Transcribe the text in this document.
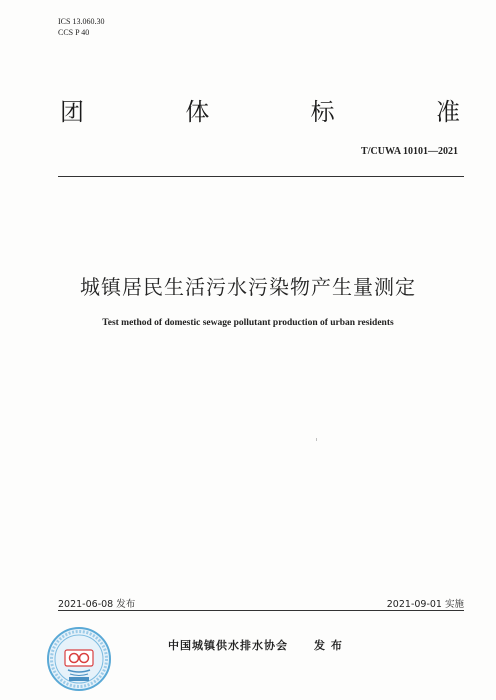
ICS 13.060.30
CCS P 40
团	体	标	准
T/CUWA 10101—2021
城镇居民生活污水污染物产生量测定
Test method of domestic sewage pollutant production of urban residents
2021-06-08 发布	2021-09-01 实施
中国城镇供水排水协会 发 布
